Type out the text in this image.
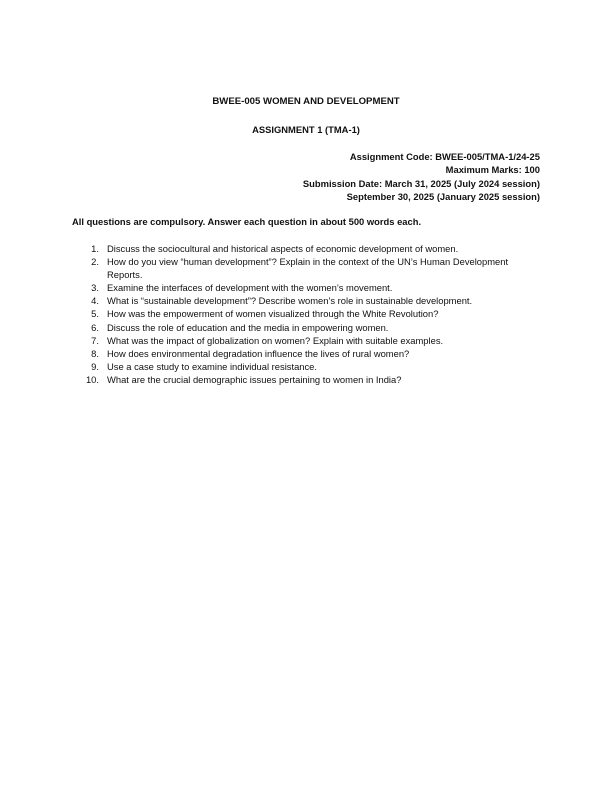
BWEE-005 WOMEN AND DEVELOPMENT
ASSIGNMENT 1 (TMA-1)
Assignment Code: BWEE-005/TMA-1/24-25
Maximum Marks: 100
Submission Date: March 31, 2025 (July 2024 session)
September 30, 2025 (January 2025 session)
All questions are compulsory. Answer each question in about 500 words each.
1. Discuss the sociocultural and historical aspects of economic development of women.
2. How do you view “human development”? Explain in the context of the UN’s Human Development Reports.
3. Examine the interfaces of development with the women’s movement.
4. What is “sustainable development”? Describe women’s role in sustainable development.
5. How was the empowerment of women visualized through the White Revolution?
6. Discuss the role of education and the media in empowering women.
7. What was the impact of globalization on women? Explain with suitable examples.
8. How does environmental degradation influence the lives of rural women?
9. Use a case study to examine individual resistance.
10. What are the crucial demographic issues pertaining to women in India?
